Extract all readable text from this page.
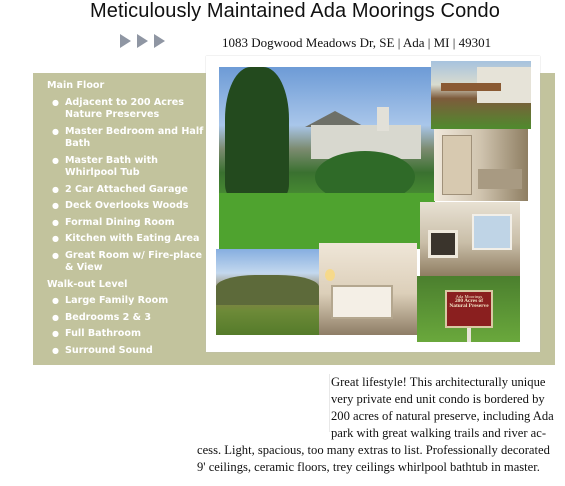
Meticulously Maintained Ada Moorings Condo
1083 Dogwood Meadows Dr, SE | Ada | MI | 49301
Main Floor
● Adjacent to 200 Acres Nature Preserves
● Master Bedroom and Half Bath
● Master Bath with Whirlpool Tub
● 2 Car Attached Garage
● Deck Overlooks Woods
● Formal Dining Room
● Kitchen with Eating Area
● Great Room w/ Fire-place & View
Walk-out Level
● Large Family Room
● Bedrooms 2 & 3
● Full Bathroom
● Surround Sound
Ada Moorings
200 Acres of
Natural Preserve
Great lifestyle! This architecturally unique
very private end unit condo is bordered by
200 acres of natural preserve, including Ada
park with great walking trails and river ac-
cess. Light, spacious, too many extras to list. Professionally decorated
9' ceilings, ceramic floors, trey ceilings whirlpool bathtub in master.
